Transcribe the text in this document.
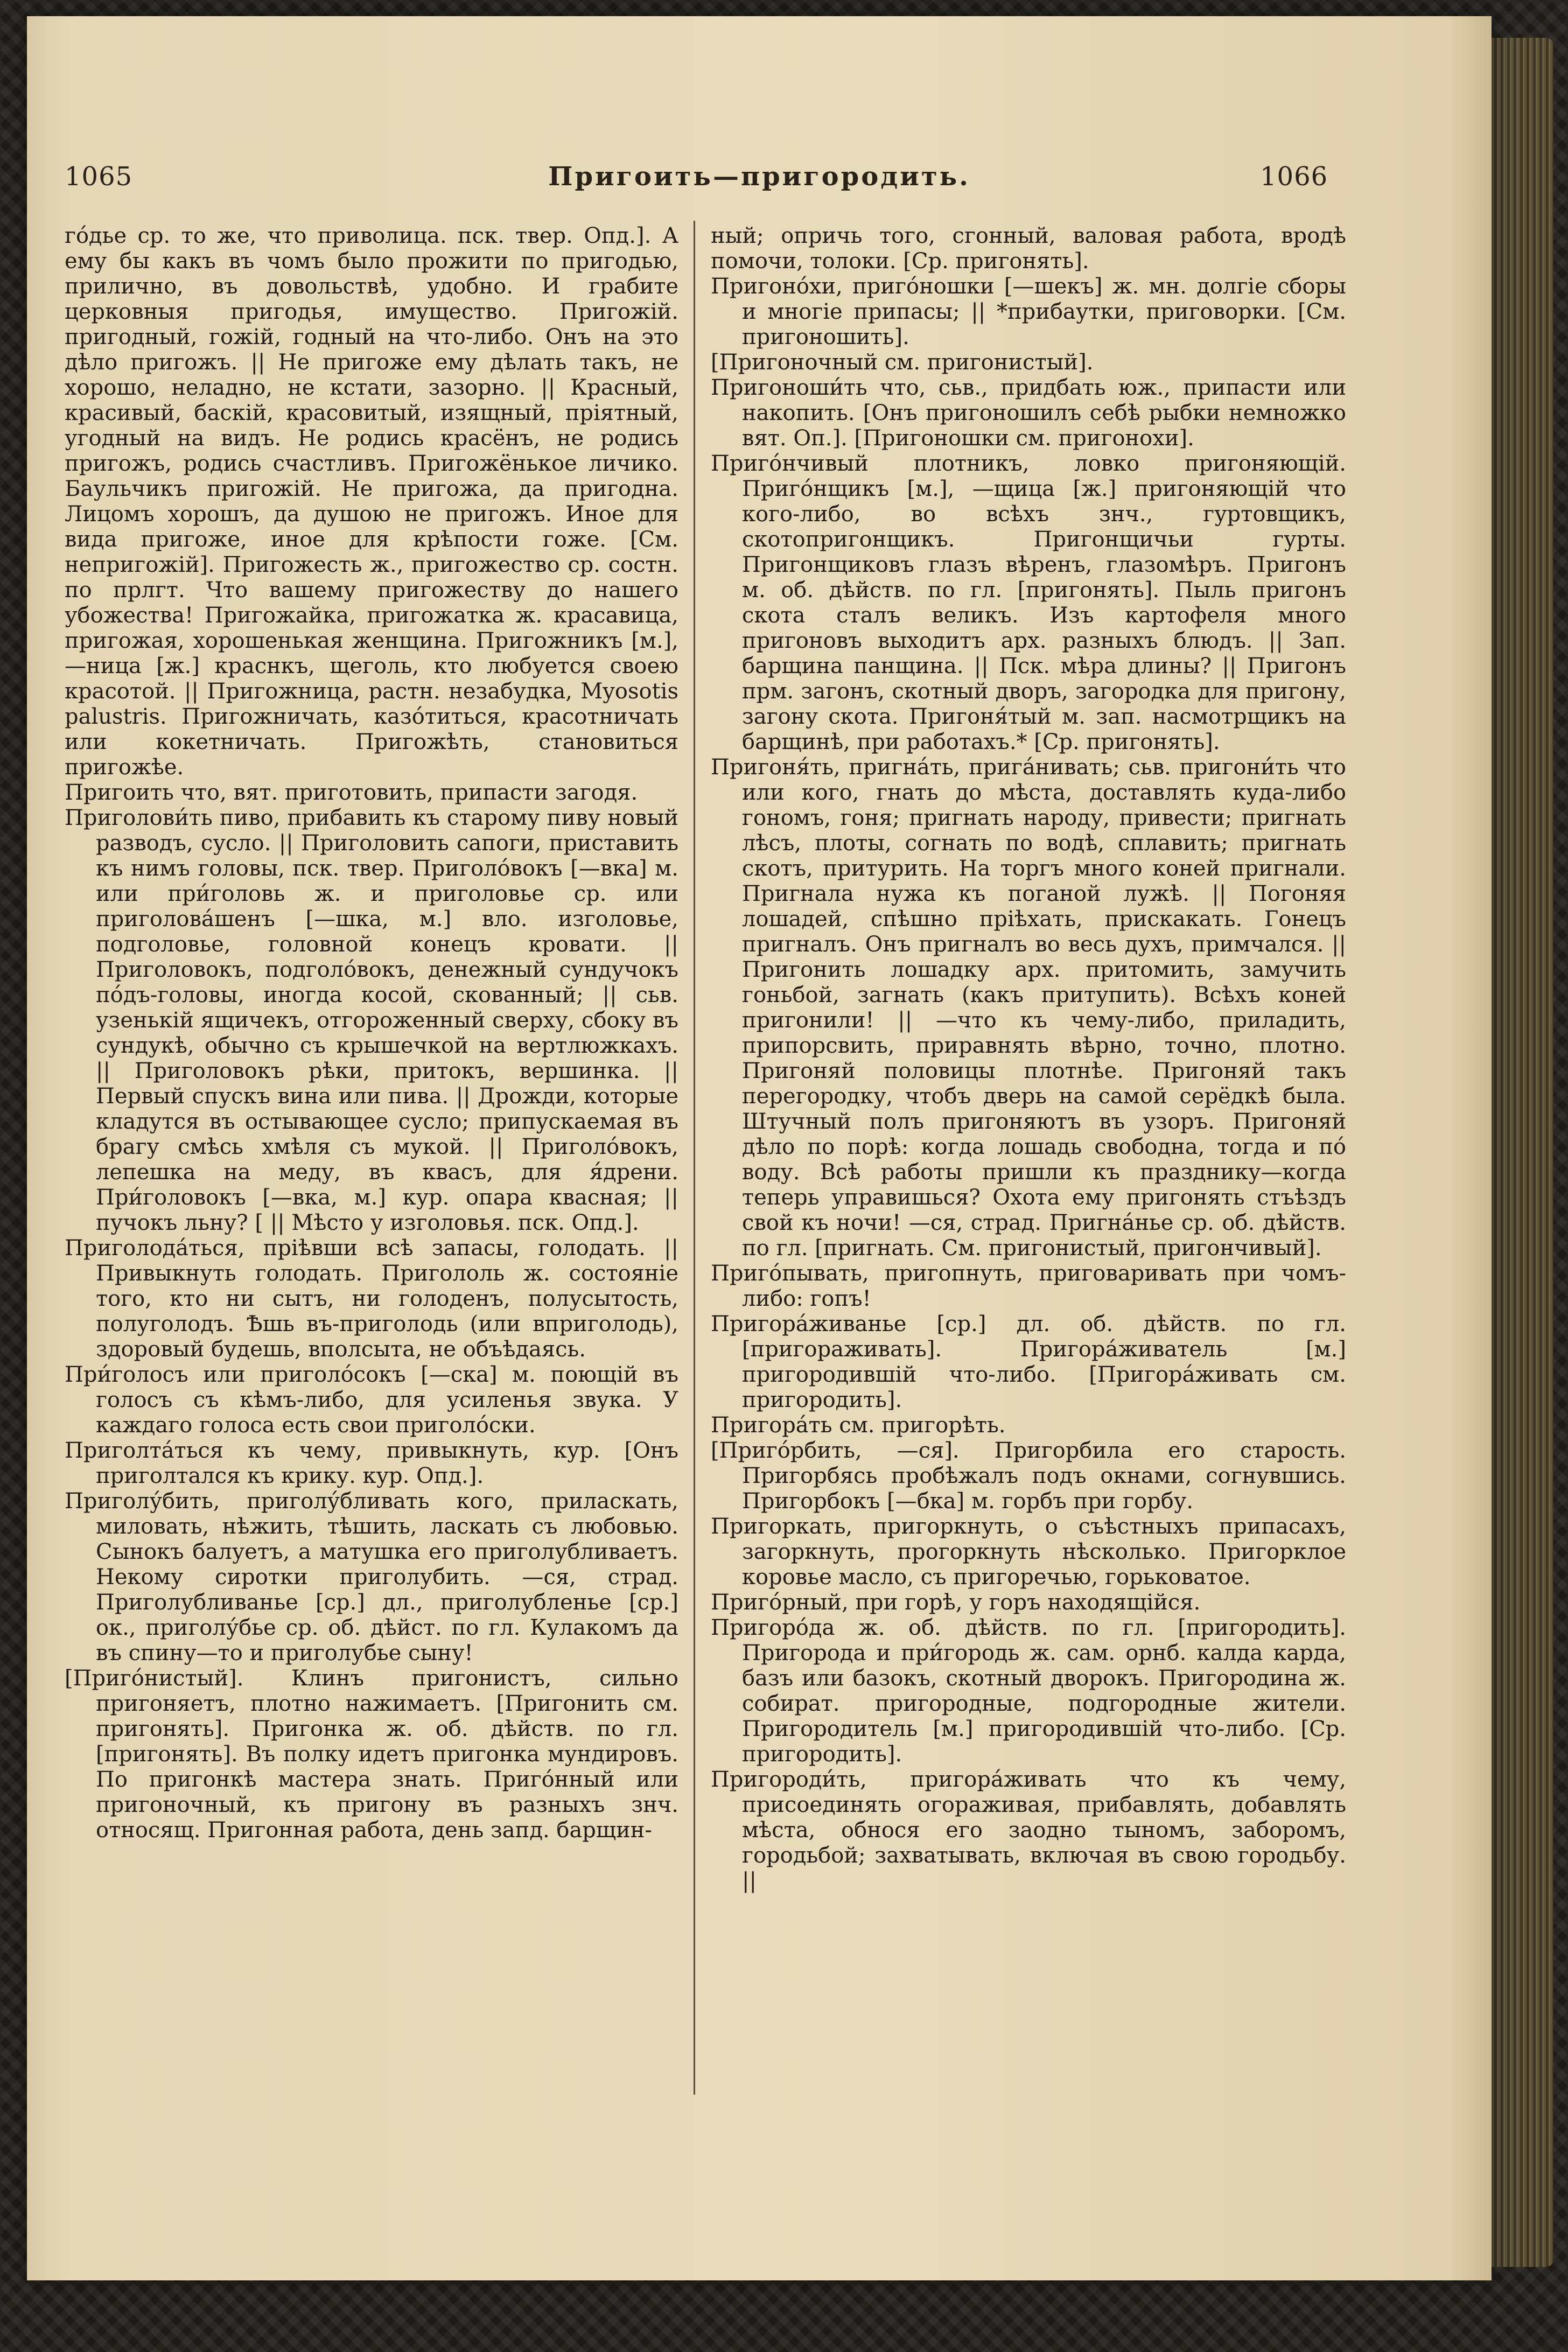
1065	Пригоить—пригородить.	1066

го́дье ср. то же, что приволица. пск. твер. Опд.]. А ему бы какъ въ чомъ было прожити по пригодью, прилично, въ довольствѣ, удобно. И грабите церковныя пригодья, имущество. Пригожій. пригодный, гожій, годный на что-либо. Онъ на это дѣло пригожъ. || Не пригоже ему дѣлать такъ, не хорошо, неладно, не кстати, зазорно. || Красный, красивый, баскій, красовитый, изящный, пріятный, угодный на видъ. Не родись красёнъ, не родись пригожъ, родись счастливъ. Пригожёнькое личико. Баульчикъ пригожій. Не пригожа, да пригодна. Лицомъ хорошъ, да душою не пригожъ. Иное для вида пригоже, иное для крѣпости гоже. [См. непригожій]. Пригожесть ж., пригожество ср. состн. по прлгт. Что вашему пригожеству до нашего убожества! Пригожайка, пригожатка ж. красавица, пригожая, хорошенькая женщина. Пригожникъ [м.], —ница [ж.] краснкъ, щеголь, кто любуется своею красотой. || Пригожница, растн. незабудка, Myosotis palustris. Пригожничать, казо́титься, красотничать или кокетничать. Пригожѣть, становиться пригожѣе.

Пригоить что, вят. приготовить, припасти загодя.

Приголови́ть пиво, прибавить къ старому пиву новый разводъ, сусло. || Приголовить сапоги, приставить къ нимъ головы, пск. твер. Приголо́вокъ [—вка] м. или при́головь ж. и приголовье ср. или приголова́шенъ [—шка, м.] вло. изголовье, подголовье, головной конецъ кровати. || Приголовокъ, подголо́вокъ, денежный сундучокъ по́дъ-головы, иногда косой, скованный; || сьв. узенькій ящичекъ, отгороженный сверху, сбоку въ сундукѣ, обычно съ крышечкой на вертлюжкахъ. || Приголовокъ рѣки, притокъ, вершинка. || Первый спускъ вина или пива. || Дрожди, которые кладутся въ остывающее сусло; припускаемая въ брагу смѣсь хмѣля съ мукой. || Приголо́вокъ, лепешка на меду, въ квасъ, для я́дрени. При́головокъ [—вка, м.] кур. опара квасная; || пучокъ льну? [ || Мѣсто у изголовья. пск. Опд.].

Приголода́ться, пріѣвши всѣ запасы, голодать. || Привыкнуть голодать. Пригололь ж. состояніе того, кто ни сытъ, ни голоденъ, полусытость, полуголодъ. Ѣшь въ-приголодь (или вприголодь), здоровый будешь, вполсыта, не объѣдаясь.

При́голосъ или приголо́сокъ [—ска] м. поющій въ голосъ съ кѣмъ-либо, для усиленья звука. У каждаго голоса есть свои приголо́ски.

Приголта́ться къ чему, привыкнуть, кур. [Онъ приголтался къ крику. кур. Опд.].

Приголу́бить, приголу́бливать кого, приласкать, миловать, нѣжить, тѣшить, ласкать съ любовью. Сынокъ балуетъ, а матушка его приголубливаетъ. Некому сиротки приголубить. —ся, страд. Приголубливанье [ср.] дл., приголубленье [ср.] ок., приголу́бье ср. об. дѣйст. по гл. Кулакомъ да въ спину—то и приголубье сыну!

[Приго́нистый]. Клинъ пригонистъ, сильно пригоняетъ, плотно нажимаетъ. [Пригонить см. пригонять]. Пригонка ж. об. дѣйств. по гл. [пригонять]. Въ полку идетъ пригонка мундировъ. По пригонкѣ мастера знать. Приго́нный или пригоночный, къ пригону въ разныхъ знч. относящ. Пригонная работа, день запд. барщин-

ный; опричь того, сгонный, валовая работа, вродѣ помочи, толоки. [Ср. пригонять].

Пригоно́хи, приго́ношки [—шекъ] ж. мн. долгіе сборы и многіе припасы; || *прибаутки, приговорки. [См. пригоношить].

[Пригоночный см. пригонистый].

Пригоноши́ть что, сьв., придбать юж., припасти или накопить. [Онъ пригоношилъ себѣ рыбки немножко вят. Оп.]. [Пригоношки см. пригонохи].

Приго́нчивый плотникъ, ловко пригоняющій. Приго́нщикъ [м.], —щица [ж.] пригоняющій что кого-либо, во всѣхъ знч., гуртовщикъ, скотопригонщикъ. Пригонщичьи гурты. Пригонщиковъ глазъ вѣренъ, глазомѣръ. Пригонъ м. об. дѣйств. по гл. [пригонять]. Пыль пригонъ скота сталъ великъ. Изъ картофеля много пригоновъ выходитъ арх. разныхъ блюдъ. || Зап. барщина панщина. || Пск. мѣра длины? || Пригонъ прм. загонъ, скотный дворъ, загородка для пригону, загону скота. Пригоня́тый м. зап. насмотрщикъ на барщинѣ, при работахъ.* [Ср. пригонять].

Пригоня́ть, пригна́ть, прига́нивать; сьв. пригони́ть что или кого, гнать до мѣста, доставлять куда-либо гономъ, гоня; пригнать народу, привести; пригнать лѣсъ, плоты, согнать по водѣ, сплавить; пригнать скотъ, притурить. На торгъ много коней пригнали. Пригнала нужа къ поганой лужѣ. || Погоняя лошадей, спѣшно пріѣхать, прискакать. Гонецъ пригналъ. Онъ пригналъ во весь духъ, примчался. || Пригонить лошадку арх. притомить, замучить гоньбой, загнать (какъ притупить). Всѣхъ коней пригонили! || —что къ чему-либо, приладить, припорсвить, приравнять вѣрно, точно, плотно. Пригоняй половицы плотнѣе. Пригоняй такъ перегородку, чтобъ дверь на самой серёдкѣ была. Штучный полъ пригоняютъ въ узоръ. Пригоняй дѣло по порѣ: когда лошадь свободна, тогда и по́ воду. Всѣ работы пришли къ празднику—когда теперь управишься? Охота ему пригонять стъѣздъ свой къ ночи! —ся, страд. Пригна́нье ср. об. дѣйств. по гл. [пригнать. См. пригонистый, пригончивый].

Приго́пывать, пригопнуть, приговаривать при чомъ-либо: гопъ!

Пригора́живанье [ср.] дл. об. дѣйств. по гл. [пригораживать]. Пригора́живатель [м.] пригородившій что-либо. [Пригора́живать см. пригородить].

Пригора́ть см. пригорѣть.

[Приго́рбить, —ся]. Пригорбила его старость. Пригорбясь пробѣжалъ подъ окнами, согнувшись. Пригорбокъ [—бка] м. горбъ при горбу.

Пригоркать, пригоркнуть, о съѣстныхъ припасахъ, загоркнуть, прогоркнуть нѣсколько. Пригорклое коровье масло, съ пригоречью, горьковатое.

Приго́рный, при горѣ, у горъ находящійся.

Пригоро́да ж. об. дѣйств. по гл. [пригородить]. Пригорода и при́городь ж. сам. орнб. калда карда, базъ или базокъ, скотный дворокъ. Пригородина ж. собират. пригородные, подгородные жители. Пригородитель [м.] пригородившій что-либо. [Ср. пригородить].

Пригороди́ть, пригора́живать что къ чему, присоединять огораживая, прибавлять, добавлять мѣста, обнося его заодно тыномъ, заборомъ, городьбой; захватывать, включая въ свою городьбу. ||
